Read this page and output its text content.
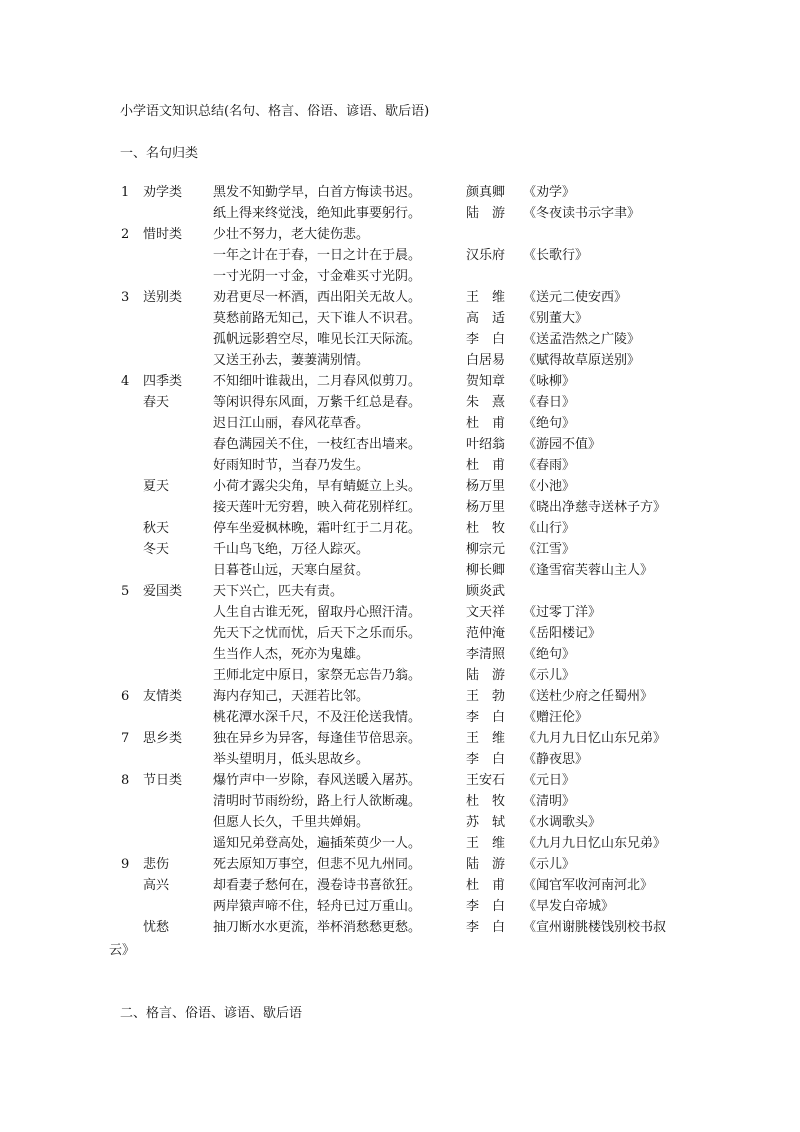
小学语文知识总结(名句、格言、俗语、谚语、歇后语)
一、名句归类
1 劝学类 黑发不知勤学早，白首方悔读书迟。	颜真卿 《劝学》
纸上得来终觉浅，绝知此事要躬行。	陆　游 《冬夜读书示字聿》
2 惜时类 少壮不努力，老大徒伤悲。
一年之计在于春，一日之计在于晨。	汉乐府 《长歌行》
一寸光阴一寸金，寸金难买寸光阴。
3 送别类 劝君更尽一杯酒，西出阳关无故人。	王　维 《送元二使安西》
莫愁前路无知己，天下谁人不识君。	高　适 《别董大》
孤帆远影碧空尽，唯见长江天际流。	李　白 《送孟浩然之广陵》
又送王孙去，萋萋满别情。	白居易 《赋得故草原送别》
4 四季类 不知细叶谁裁出，二月春风似剪刀。	贺知章 《咏柳》
春天	等闲识得东风面，万紫千红总是春。	朱　熹 《春日》
迟日江山丽，春风花草香。	杜　甫 《绝句》
春色满园关不住，一枝红杏出墙来。	叶绍翁 《游园不值》
好雨知时节，当春乃发生。	杜　甫 《春雨》
夏天	小荷才露尖尖角，早有蜻蜓立上头。	杨万里 《小池》
接天莲叶无穷碧，映入荷花别样红。	杨万里 《晓出净慈寺送林子方》
秋天	停车坐爱枫林晚，霜叶红于二月花。	杜　牧 《山行》
冬天	千山鸟飞绝，万径人踪灭。	柳宗元 《江雪》
日暮苍山远，天寒白屋贫。	柳长卿 《逢雪宿芙蓉山主人》
5 爱国类 天下兴亡，匹夫有责。	顾炎武
人生自古谁无死，留取丹心照汗清。	文天祥 《过零丁洋》
先天下之忧而忧，后天下之乐而乐。	范仲淹 《岳阳楼记》
生当作人杰，死亦为鬼雄。	李清照 《绝句》
王师北定中原日，家祭无忘告乃翁。	陆　游 《示儿》
6 友情类 海内存知己，天涯若比邻。	王　勃 《送杜少府之任蜀州》
桃花潭水深千尺，不及汪伦送我情。	李　白 《赠汪伦》
7 思乡类 独在异乡为异客，每逢佳节倍思亲。	王　维 《九月九日忆山东兄弟》
举头望明月，低头思故乡。	李　白 《静夜思》
8 节日类 爆竹声中一岁除，春风送暖入屠苏。	王安石 《元日》
清明时节雨纷纷，路上行人欲断魂。	杜　牧 《清明》
但愿人长久，千里共婵娟。	苏　轼 《水调歌头》
遥知兄弟登高处，遍插茱萸少一人。	王　维 《九月九日忆山东兄弟》
9 悲伤	死去原知万事空，但悲不见九州同。	陆　游 《示儿》
高兴	却看妻子愁何在，漫卷诗书喜欲狂。	杜　甫 《闻官军收河南河北》
两岸猿声啼不住，轻舟已过万重山。	李　白 《早发白帝城》
忧愁	抽刀断水水更流，举杯消愁愁更愁。	李　白 《宣州谢朓楼饯别校书叔
云》
二、格言、俗语、谚语、歇后语
